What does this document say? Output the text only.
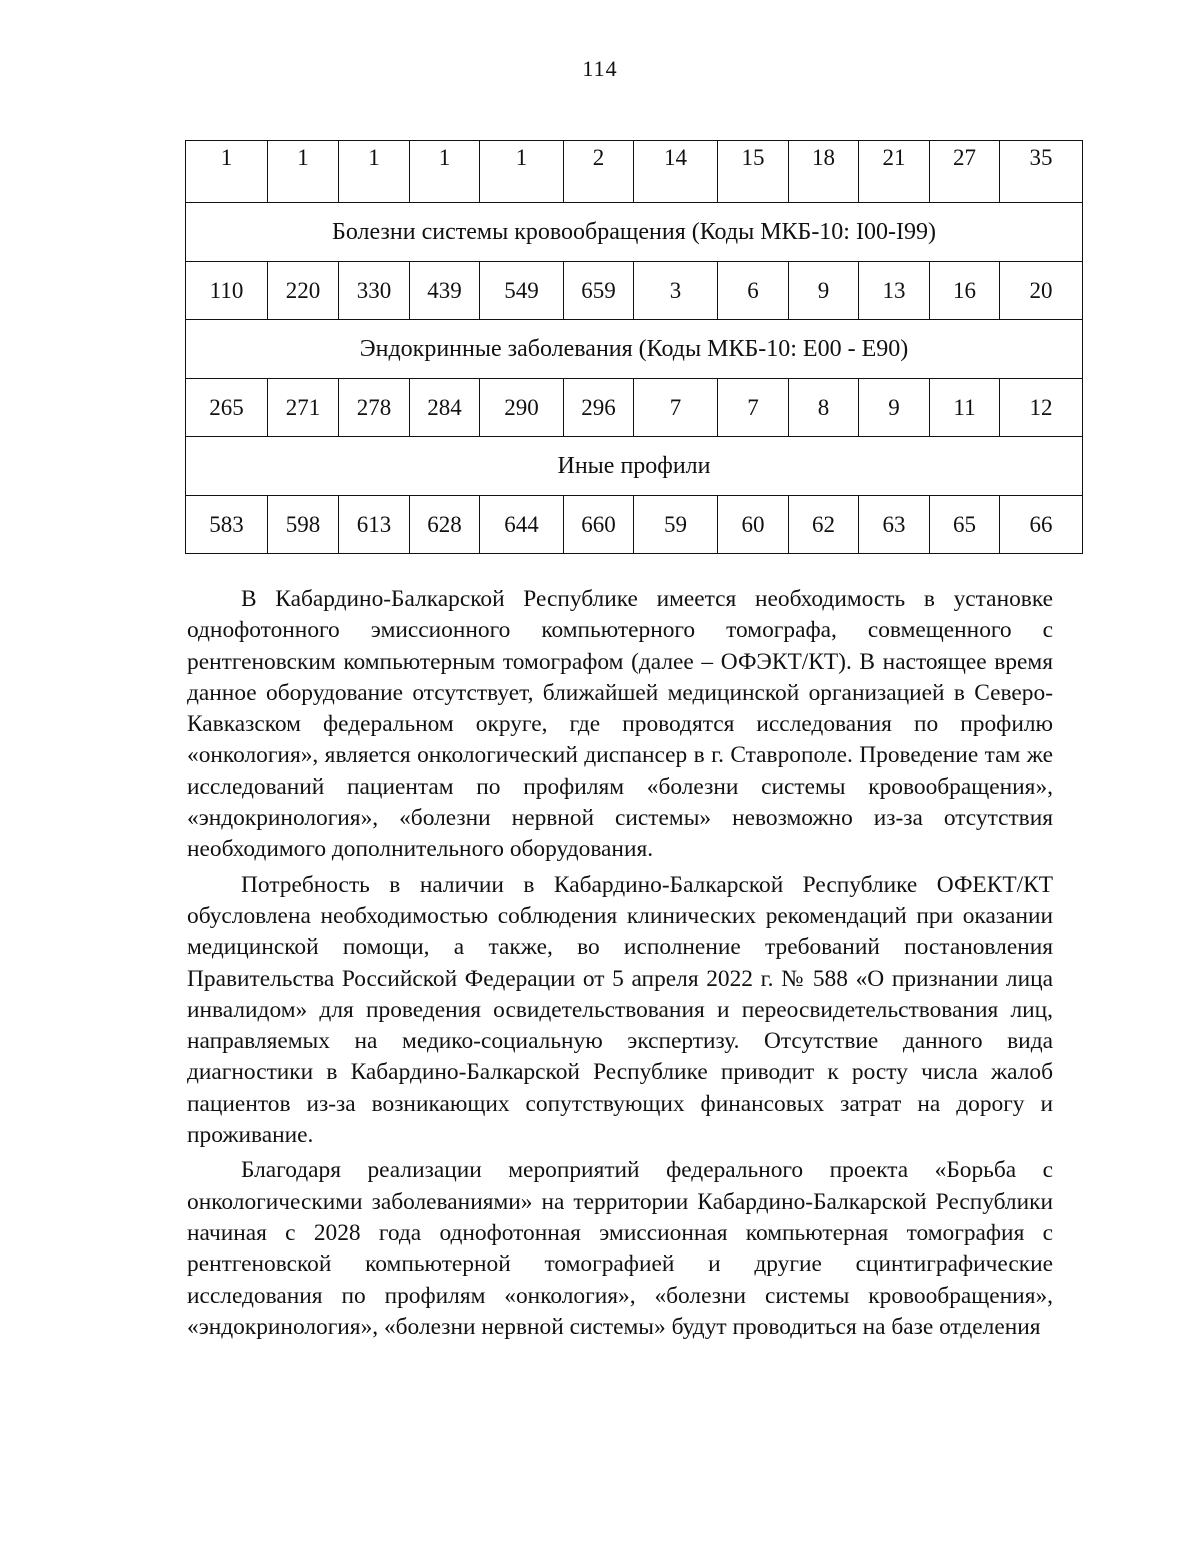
114
1	1	1	1	1	2	14	15	18	21	27	35
Болезни системы кровообращения (Коды МКБ-10: I00-I99)											
110	220	330	439	549	659	3	6	9	13	16	20
Эндокринные заболевания (Коды МКБ-10: Е00 - Е90)											
265	271	278	284	290	296	7	7	8	9	11	12
Иные профили											
583	598	613	628	644	660	59	60	62	63	65	66

В Кабардино-Балкарской Республике имеется необходимость в установке однофотонного эмиссионного компьютерного томографа, совмещенного с рентгеновским компьютерным томографом (далее – ОФЭКТ/КТ). В настоящее время данное оборудование отсутствует, ближайшей медицинской организацией в Северо-Кавказском федеральном округе, где проводятся исследования по профилю «онкология», является онкологический диспансер в г. Ставрополе. Проведение там же исследований пациентам по профилям «болезни системы кровообращения», «эндокринология», «болезни нервной системы» невозможно из-за отсутствия необходимого дополнительного оборудования.

Потребность в наличии в Кабардино-Балкарской Республике ОФЕКТ/КТ обусловлена необходимостью соблюдения клинических рекомендаций при оказании медицинской помощи, а также, во исполнение требований постановления Правительства Российской Федерации от 5 апреля 2022 г. № 588 «О признании лица инвалидом» для проведения освидетельствования и переосвидетельствования лиц, направляемых на медико-социальную экспертизу. Отсутствие данного вида диагностики в Кабардино-Балкарской Республике приводит к росту числа жалоб пациентов из-за возникающих сопутствующих финансовых затрат на дорогу и проживание.

Благодаря реализации мероприятий федерального проекта «Борьба с онкологическими заболеваниями» на территории Кабардино-Балкарской Республики начиная с 2028 года однофотонная эмиссионная компьютерная томография с рентгеновской компьютерной томографией и другие сцинтиграфические исследования по профилям «онкология», «болезни системы кровообращения», «эндокринология», «болезни нервной системы» будут проводиться на базе отделения
